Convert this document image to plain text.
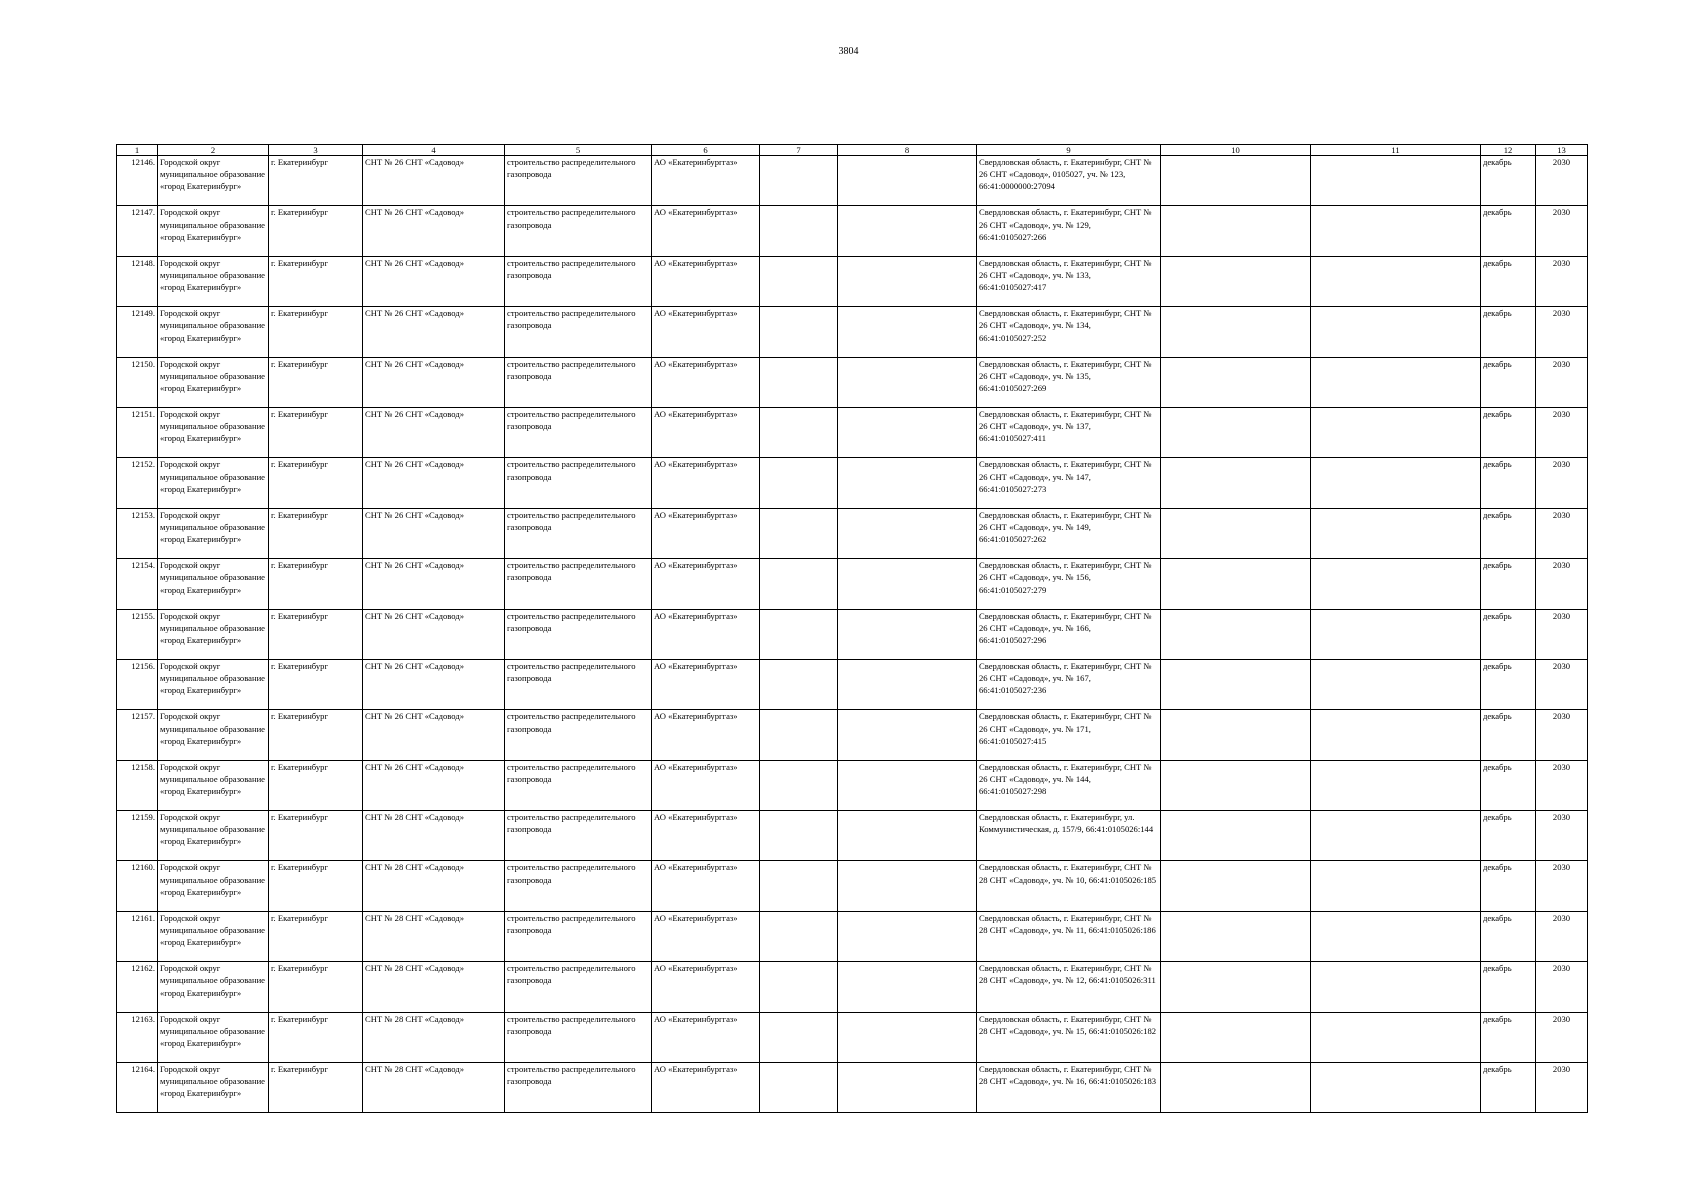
3804
1	2	3	4	5	6	7	8	9	10	11	12	13
12146.	Городской округ муниципальное образование «город Екатеринбург»	г. Екатеринбург	СНТ № 26 СНТ «Садовод»	строительство распределительного газопровода	АО «Екатеринбурггаз»			Свердловская область, г. Екатеринбург, СНТ № 26 СНТ «Садовод», 0105027, уч. № 123, 66:41:0000000:27094			декабрь	2030
12147.	Городской округ муниципальное образование «город Екатеринбург»	г. Екатеринбург	СНТ № 26 СНТ «Садовод»	строительство распределительного газопровода	АО «Екатеринбурггаз»			Свердловская область, г. Екатеринбург, СНТ № 26 СНТ «Садовод», уч. № 129, 66:41:0105027:266			декабрь	2030
12148.	Городской округ муниципальное образование «город Екатеринбург»	г. Екатеринбург	СНТ № 26 СНТ «Садовод»	строительство распределительного газопровода	АО «Екатеринбурггаз»			Свердловская область, г. Екатеринбург, СНТ № 26 СНТ «Садовод», уч. № 133, 66:41:0105027:417			декабрь	2030
12149.	Городской округ муниципальное образование «город Екатеринбург»	г. Екатеринбург	СНТ № 26 СНТ «Садовод»	строительство распределительного газопровода	АО «Екатеринбурггаз»			Свердловская область, г. Екатеринбург, СНТ № 26 СНТ «Садовод», уч. № 134, 66:41:0105027:252			декабрь	2030
12150.	Городской округ муниципальное образование «город Екатеринбург»	г. Екатеринбург	СНТ № 26 СНТ «Садовод»	строительство распределительного газопровода	АО «Екатеринбурггаз»			Свердловская область, г. Екатеринбург, СНТ № 26 СНТ «Садовод», уч. № 135, 66:41:0105027:269			декабрь	2030
12151.	Городской округ муниципальное образование «город Екатеринбург»	г. Екатеринбург	СНТ № 26 СНТ «Садовод»	строительство распределительного газопровода	АО «Екатеринбурггаз»			Свердловская область, г. Екатеринбург, СНТ № 26 СНТ «Садовод», уч. № 137, 66:41:0105027:411			декабрь	2030
12152.	Городской округ муниципальное образование «город Екатеринбург»	г. Екатеринбург	СНТ № 26 СНТ «Садовод»	строительство распределительного газопровода	АО «Екатеринбурггаз»			Свердловская область, г. Екатеринбург, СНТ № 26 СНТ «Садовод», уч. № 147, 66:41:0105027:273			декабрь	2030
12153.	Городской округ муниципальное образование «город Екатеринбург»	г. Екатеринбург	СНТ № 26 СНТ «Садовод»	строительство распределительного газопровода	АО «Екатеринбурггаз»			Свердловская область, г. Екатеринбург, СНТ № 26 СНТ «Садовод», уч. № 149, 66:41:0105027:262			декабрь	2030
12154.	Городской округ муниципальное образование «город Екатеринбург»	г. Екатеринбург	СНТ № 26 СНТ «Садовод»	строительство распределительного газопровода	АО «Екатеринбурггаз»			Свердловская область, г. Екатеринбург, СНТ № 26 СНТ «Садовод», уч. № 156, 66:41:0105027:279			декабрь	2030
12155.	Городской округ муниципальное образование «город Екатеринбург»	г. Екатеринбург	СНТ № 26 СНТ «Садовод»	строительство распределительного газопровода	АО «Екатеринбурггаз»			Свердловская область, г. Екатеринбург, СНТ № 26 СНТ «Садовод», уч. № 166, 66:41:0105027:296			декабрь	2030
12156.	Городской округ муниципальное образование «город Екатеринбург»	г. Екатеринбург	СНТ № 26 СНТ «Садовод»	строительство распределительного газопровода	АО «Екатеринбурггаз»			Свердловская область, г. Екатеринбург, СНТ № 26 СНТ «Садовод», уч. № 167, 66:41:0105027:236			декабрь	2030
12157.	Городской округ муниципальное образование «город Екатеринбург»	г. Екатеринбург	СНТ № 26 СНТ «Садовод»	строительство распределительного газопровода	АО «Екатеринбурггаз»			Свердловская область, г. Екатеринбург, СНТ № 26 СНТ «Садовод», уч. № 171, 66:41:0105027:415			декабрь	2030
12158.	Городской округ муниципальное образование «город Екатеринбург»	г. Екатеринбург	СНТ № 26 СНТ «Садовод»	строительство распределительного газопровода	АО «Екатеринбурггаз»			Свердловская область, г. Екатеринбург, СНТ № 26 СНТ «Садовод», уч. № 144, 66:41:0105027:298			декабрь	2030
12159.	Городской округ муниципальное образование «город Екатеринбург»	г. Екатеринбург	СНТ № 28 СНТ «Садовод»	строительство распределительного газопровода	АО «Екатеринбурггаз»			Свердловская область, г. Екатеринбург, ул. Коммунистическая, д. 157/9, 66:41:0105026:144			декабрь	2030
12160.	Городской округ муниципальное образование «город Екатеринбург»	г. Екатеринбург	СНТ № 28 СНТ «Садовод»	строительство распределительного газопровода	АО «Екатеринбурггаз»			Свердловская область, г. Екатеринбург, СНТ № 28 СНТ «Садовод», уч. № 10, 66:41:0105026:185			декабрь	2030
12161.	Городской округ муниципальное образование «город Екатеринбург»	г. Екатеринбург	СНТ № 28 СНТ «Садовод»	строительство распределительного газопровода	АО «Екатеринбурггаз»			Свердловская область, г. Екатеринбург, СНТ № 28 СНТ «Садовод», уч. № 11, 66:41:0105026:186			декабрь	2030
12162.	Городской округ муниципальное образование «город Екатеринбург»	г. Екатеринбург	СНТ № 28 СНТ «Садовод»	строительство распределительного газопровода	АО «Екатеринбурггаз»			Свердловская область, г. Екатеринбург, СНТ № 28 СНТ «Садовод», уч. № 12, 66:41:0105026:311			декабрь	2030
12163.	Городской округ муниципальное образование «город Екатеринбург»	г. Екатеринбург	СНТ № 28 СНТ «Садовод»	строительство распределительного газопровода	АО «Екатеринбурггаз»			Свердловская область, г. Екатеринбург, СНТ № 28 СНТ «Садовод», уч. № 15, 66:41:0105026:182			декабрь	2030
12164.	Городской округ муниципальное образование «город Екатеринбург»	г. Екатеринбург	СНТ № 28 СНТ «Садовод»	строительство распределительного газопровода	АО «Екатеринбурггаз»			Свердловская область, г. Екатеринбург, СНТ № 28 СНТ «Садовод», уч. № 16, 66:41:0105026:183			декабрь	2030
